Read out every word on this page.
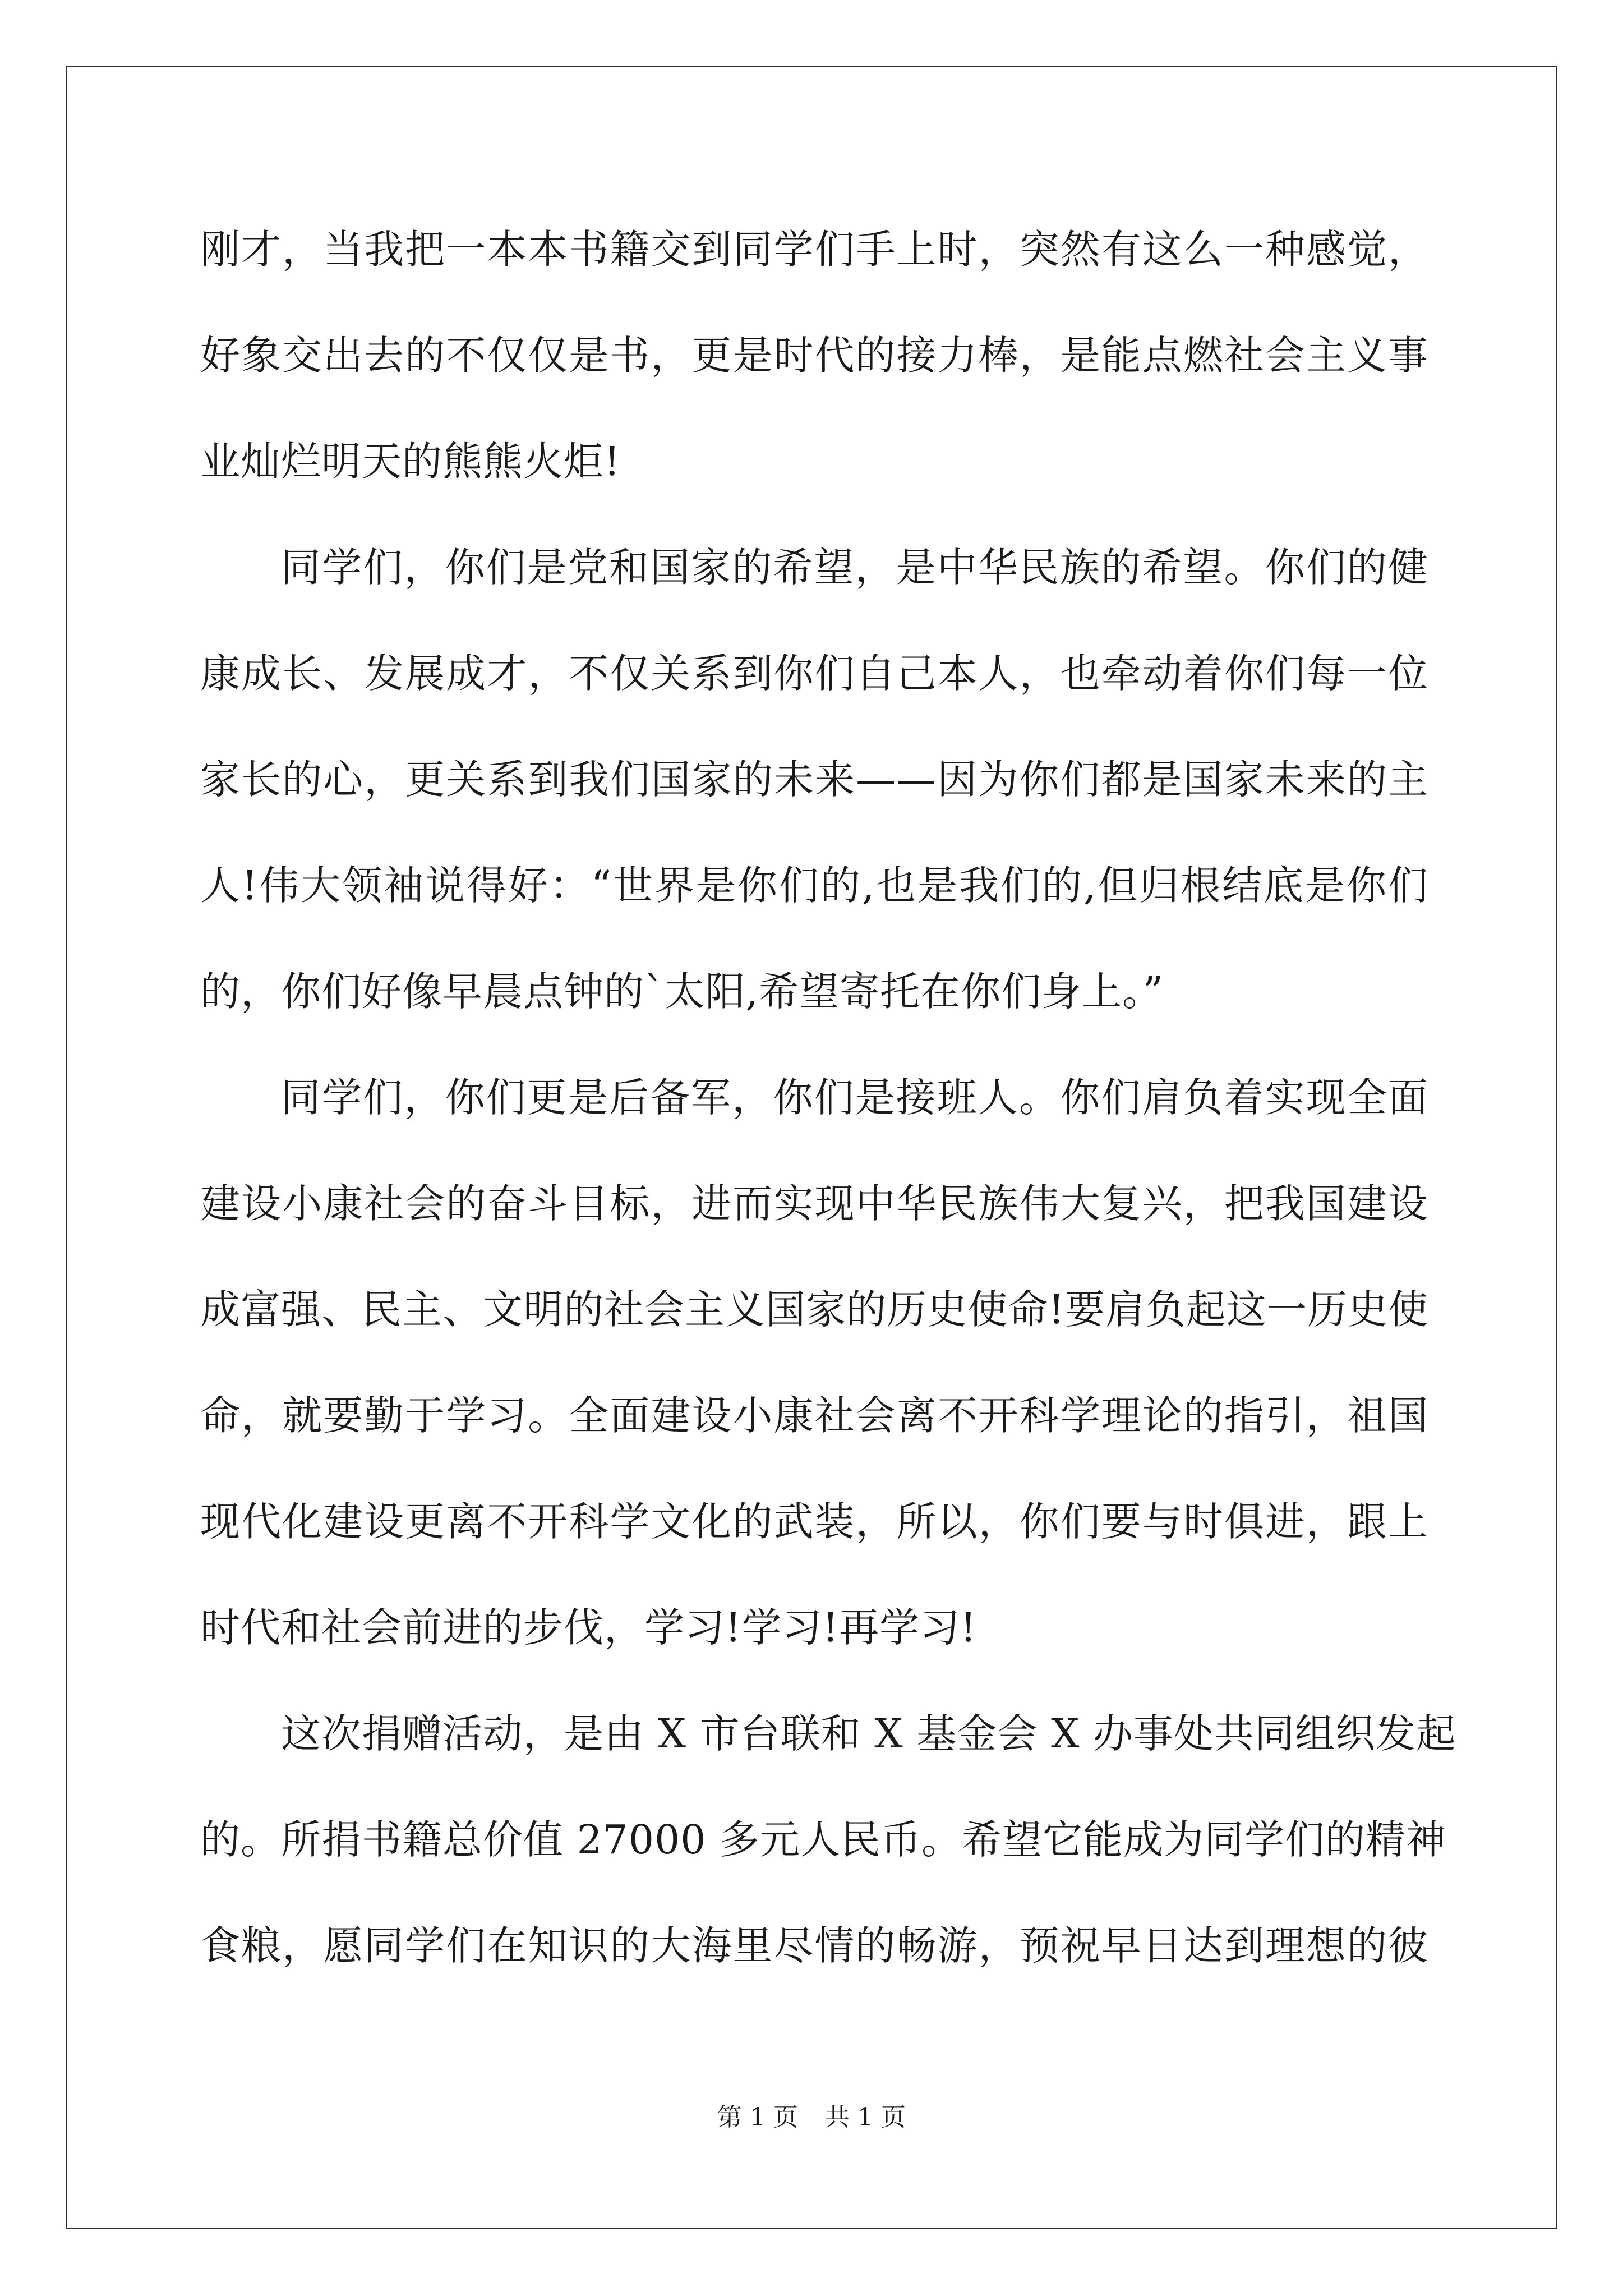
刚才，当我把一本本书籍交到同学们手上时，突然有这么一种感觉，
好象交出去的不仅仅是书，更是时代的接力棒，是能点燃社会主义事
业灿烂明天的熊熊火炬!

同学们，你们是党和国家的希望，是中华民族的希望。你们的健
康成长、发展成才，不仅关系到你们自己本人，也牵动着你们每一位
家长的心，更关系到我们国家的未来——因为你们都是国家未来的主
人!伟大领袖说得好：“世界是你们的,也是我们的,但归根结底是你们
的，你们好像早晨点钟的`太阳,希望寄托在你们身上。”

同学们，你们更是后备军，你们是接班人。你们肩负着实现全面
建设小康社会的奋斗目标，进而实现中华民族伟大复兴，把我国建设
成富强、民主、文明的社会主义国家的历史使命!要肩负起这一历史使
命，就要勤于学习。全面建设小康社会离不开科学理论的指引，祖国
现代化建设更离不开科学文化的武装，所以，你们要与时俱进，跟上
时代和社会前进的步伐，学习!学习!再学习!

这次捐赠活动，是由 X 市台联和 X 基金会 X 办事处共同组织发起
的。所捐书籍总价值 27000 多元人民币。希望它能成为同学们的精神
食粮，愿同学们在知识的大海里尽情的畅游，预祝早日达到理想的彼

第 1 页 共 1 页
